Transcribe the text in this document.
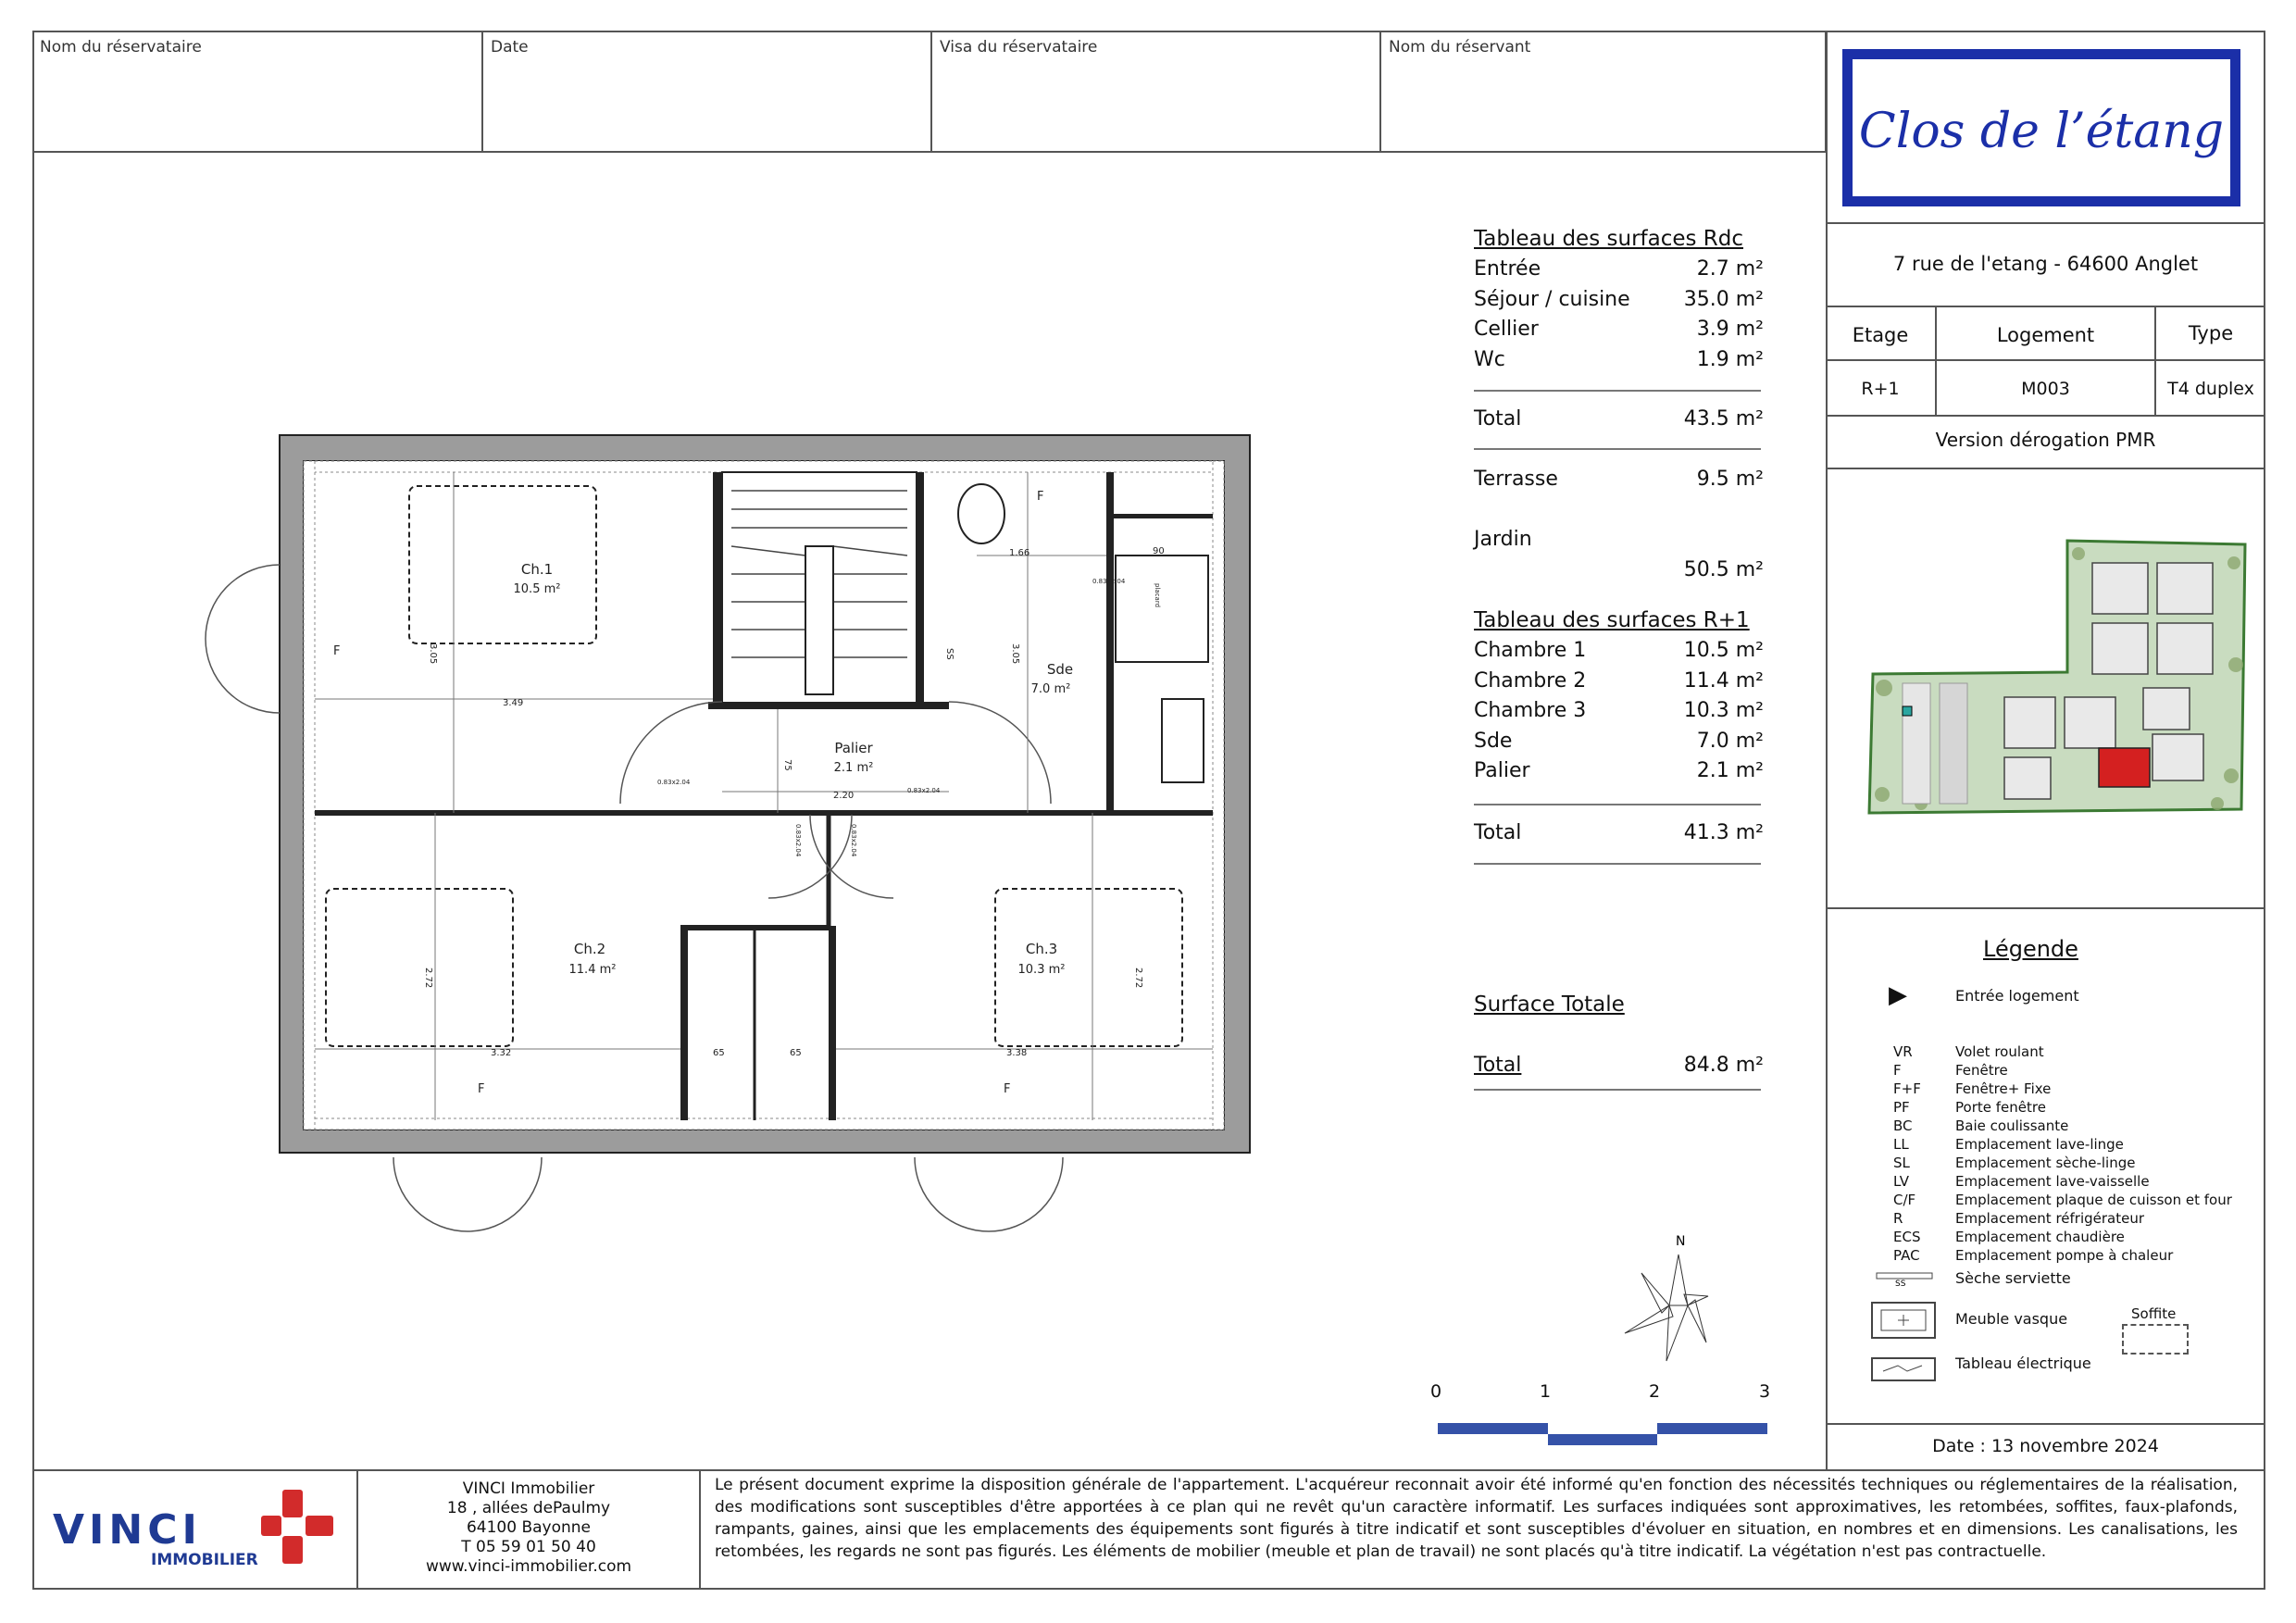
Nom du réservataire	Date	Visa du réservataire	Nom du réservant
Clos de l’étang
7 rue de l'etang - 64600 Anglet
Etage	Logement	Type
R+1	M003	T4 duplex
Version dérogation PMR
Légende
▶	Entrée logement
VR	Volet roulant
F	Fenêtre
F+F Fenêtre+ Fixe
PF	Porte fenêtre
BC	Baie coulissante
LL	Emplacement lave-linge
SL	Emplacement sèche-linge
LV	Emplacement lave-vaisselle
C/F	Emplacement plaque de cuisson et four
R	Emplacement réfrigérateur
ECS	Emplacement chaudière
PAC	Emplacement pompe à chaleur
SS	Sèche serviette
Meuble vasque	Soffite
Tableau électrique
Date : 13 novembre 2024
Tableau des surfaces Rdc
Entrée	2.7 m²
Séjour / cuisine	35.0 m²
Cellier	3.9 m²
Wc	1.9 m²
Total	43.5 m²
Terrasse	9.5 m²
Jardin
50.5 m²
Tableau des surfaces R+1
Chambre 1	10.5 m²
Chambre 2	11.4 m²
Chambre 3	10.3 m²
Sde	7.0 m²
Palier	2.1 m²
Total	41.3 m²
Surface Totale
Total	84.8 m²
Ch.1
10.5 m²
Sde
7.0 m²
Palier
2.1 m²
Ch.2
11.4 m²
Ch.3
10.3 m²
3.49
3.05	3.05
1.66	90
2.20
75
2.72
3.32	65	65	3.38
2.72
F
F	F
F
SS
0.83x2.04
0.83x2.04
0.83x2.04	0.83x2.04
0.83x2.04
placard
N
0	1	2	3
VINCI
IMMOBILIER
VINCI Immobilier
18 , allées dePaulmy
64100 Bayonne
T 05 59 01 50 40
www.vinci-immobilier.com
Le présent document exprime la disposition générale de l'appartement. L'acquéreur reconnait avoir été informé qu'en fonction des nécessités techniques ou réglementaires de la réalisation, des modifications sont susceptibles d'être apportées à ce plan qui ne revêt qu'un caractère informatif. Les surfaces indiquées sont approximatives, les retombées, soffites, faux-plafonds, rampants, gaines, ainsi que les emplacements des équipements sont figurés à titre indicatif et sont susceptibles d'évoluer en situation, en nombres et en dimensions. Les canalisations, les retombées, les regards ne sont pas figurés. Les éléments de mobilier (meuble et plan de travail) ne sont placés qu'à titre indicatif. La végétation n'est pas contractuelle.
